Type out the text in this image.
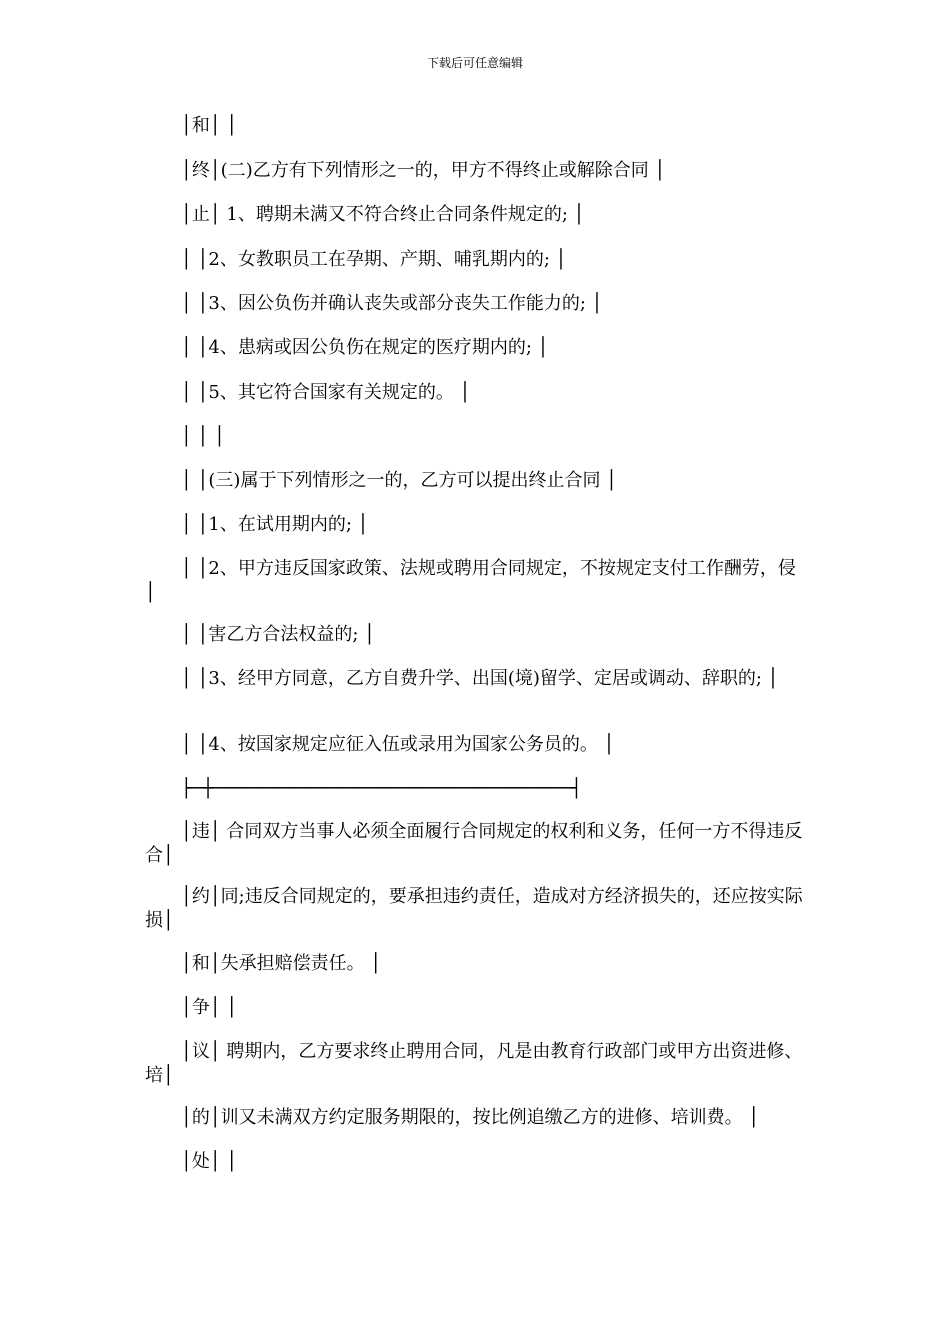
下载后可任意编辑
　　│和│ │
　　│终│(二)乙方有下列情形之一的，甲方不得终止或解除合同 │
　　│止│ 1、聘期未满又不符合终止合同条件规定的; │
　　│ │2、女教职员工在孕期、产期、哺乳期内的; │
　　│ │3、因公负伤并确认丧失或部分丧失工作能力的; │
　　│ │4、患病或因公负伤在规定的医疗期内的; │
　　│ │5、其它符合国家有关规定的。 │
　　│ │ │
　　│ │(三)属于下列情形之一的，乙方可以提出终止合同 │
　　│ │1、在试用期内的; │
　　│ │2、甲方违反国家政策、法规或聘用合同规定，不按规定支付工作酬劳，侵 │
　　│ │害乙方合法权益的; │
　　│ │3、经甲方同意，乙方自费升学、出国(境)留学、定居或调动、辞职的; │
　　│ │4、按国家规定应征入伍或录用为国家公务员的。 │
　　├─┼─────────────────────────────────┤
　　│违│ 合同双方当事人必须全面履行合同规定的权利和义务，任何一方不得违反合│
　　│约│同;违反合同规定的，要承担违约责任，造成对方经济损失的，还应按实际损│
　　│和│失承担赔偿责任。 │
　　│争│ │
　　│议│ 聘期内，乙方要求终止聘用合同，凡是由教育行政部门或甲方出资进修、培│
　　│的│训又未满双方约定服务期限的，按比例追缴乙方的进修、培训费。 │
　　│处│ │
